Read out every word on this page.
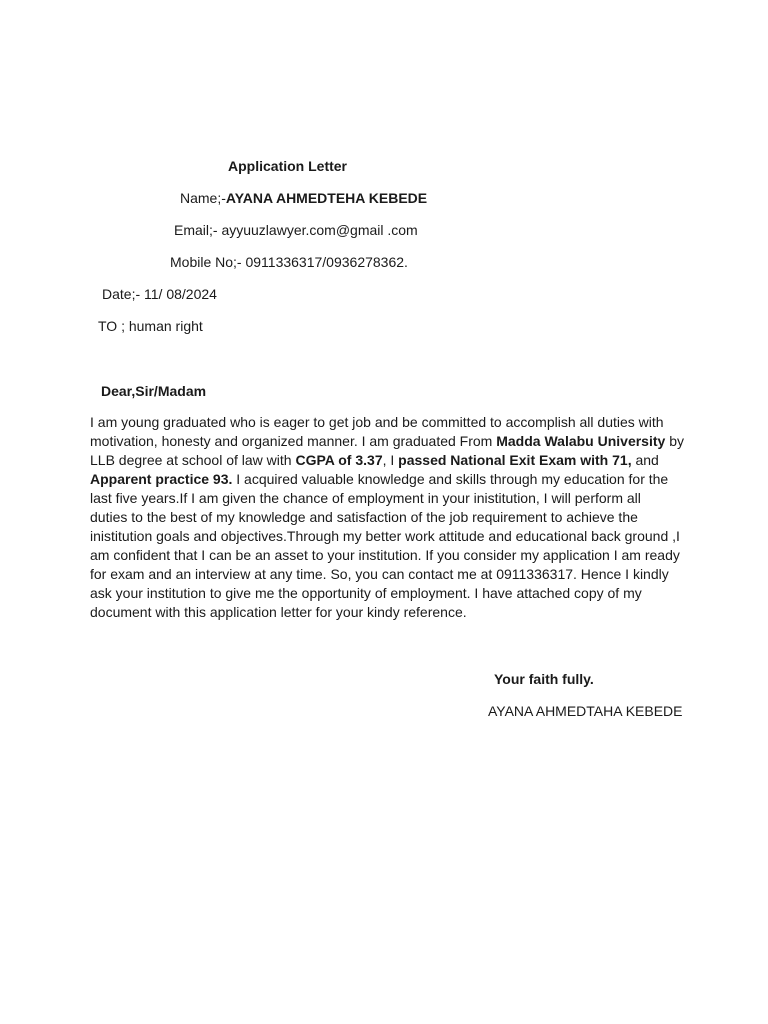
Application Letter
Name;-AYANA AHMEDTEHA KEBEDE
Email;- ayyuuzlawyer.com@gmail .com
Mobile No;- 0911336317/0936278362.
Date;- 11/ 08/2024
TO ; human right
Dear,Sir/Madam
I am young graduated who is eager to get job and be committed to accomplish all duties with
motivation, honesty and organized manner. I am graduated From Madda Walabu University by
LLB degree at school of law with CGPA of 3.37, I passed National Exit Exam with 71, and
Apparent practice 93. I acquired valuable knowledge and skills through my education for the
last five years.If I am given the chance of employment in your inistitution, I will perform all
duties to the best of my knowledge and satisfaction of the job requirement to achieve the
inistitution goals and objectives.Through my better work attitude and educational back ground ,I
am confident that I can be an asset to your institution. If you consider my application I am ready
for exam and an interview at any time. So, you can contact me at 0911336317. Hence I kindly
ask your institution to give me the opportunity of employment. I have attached copy of my
document with this application letter for your kindy reference.
Your faith fully.
AYANA AHMEDTAHA KEBEDE
